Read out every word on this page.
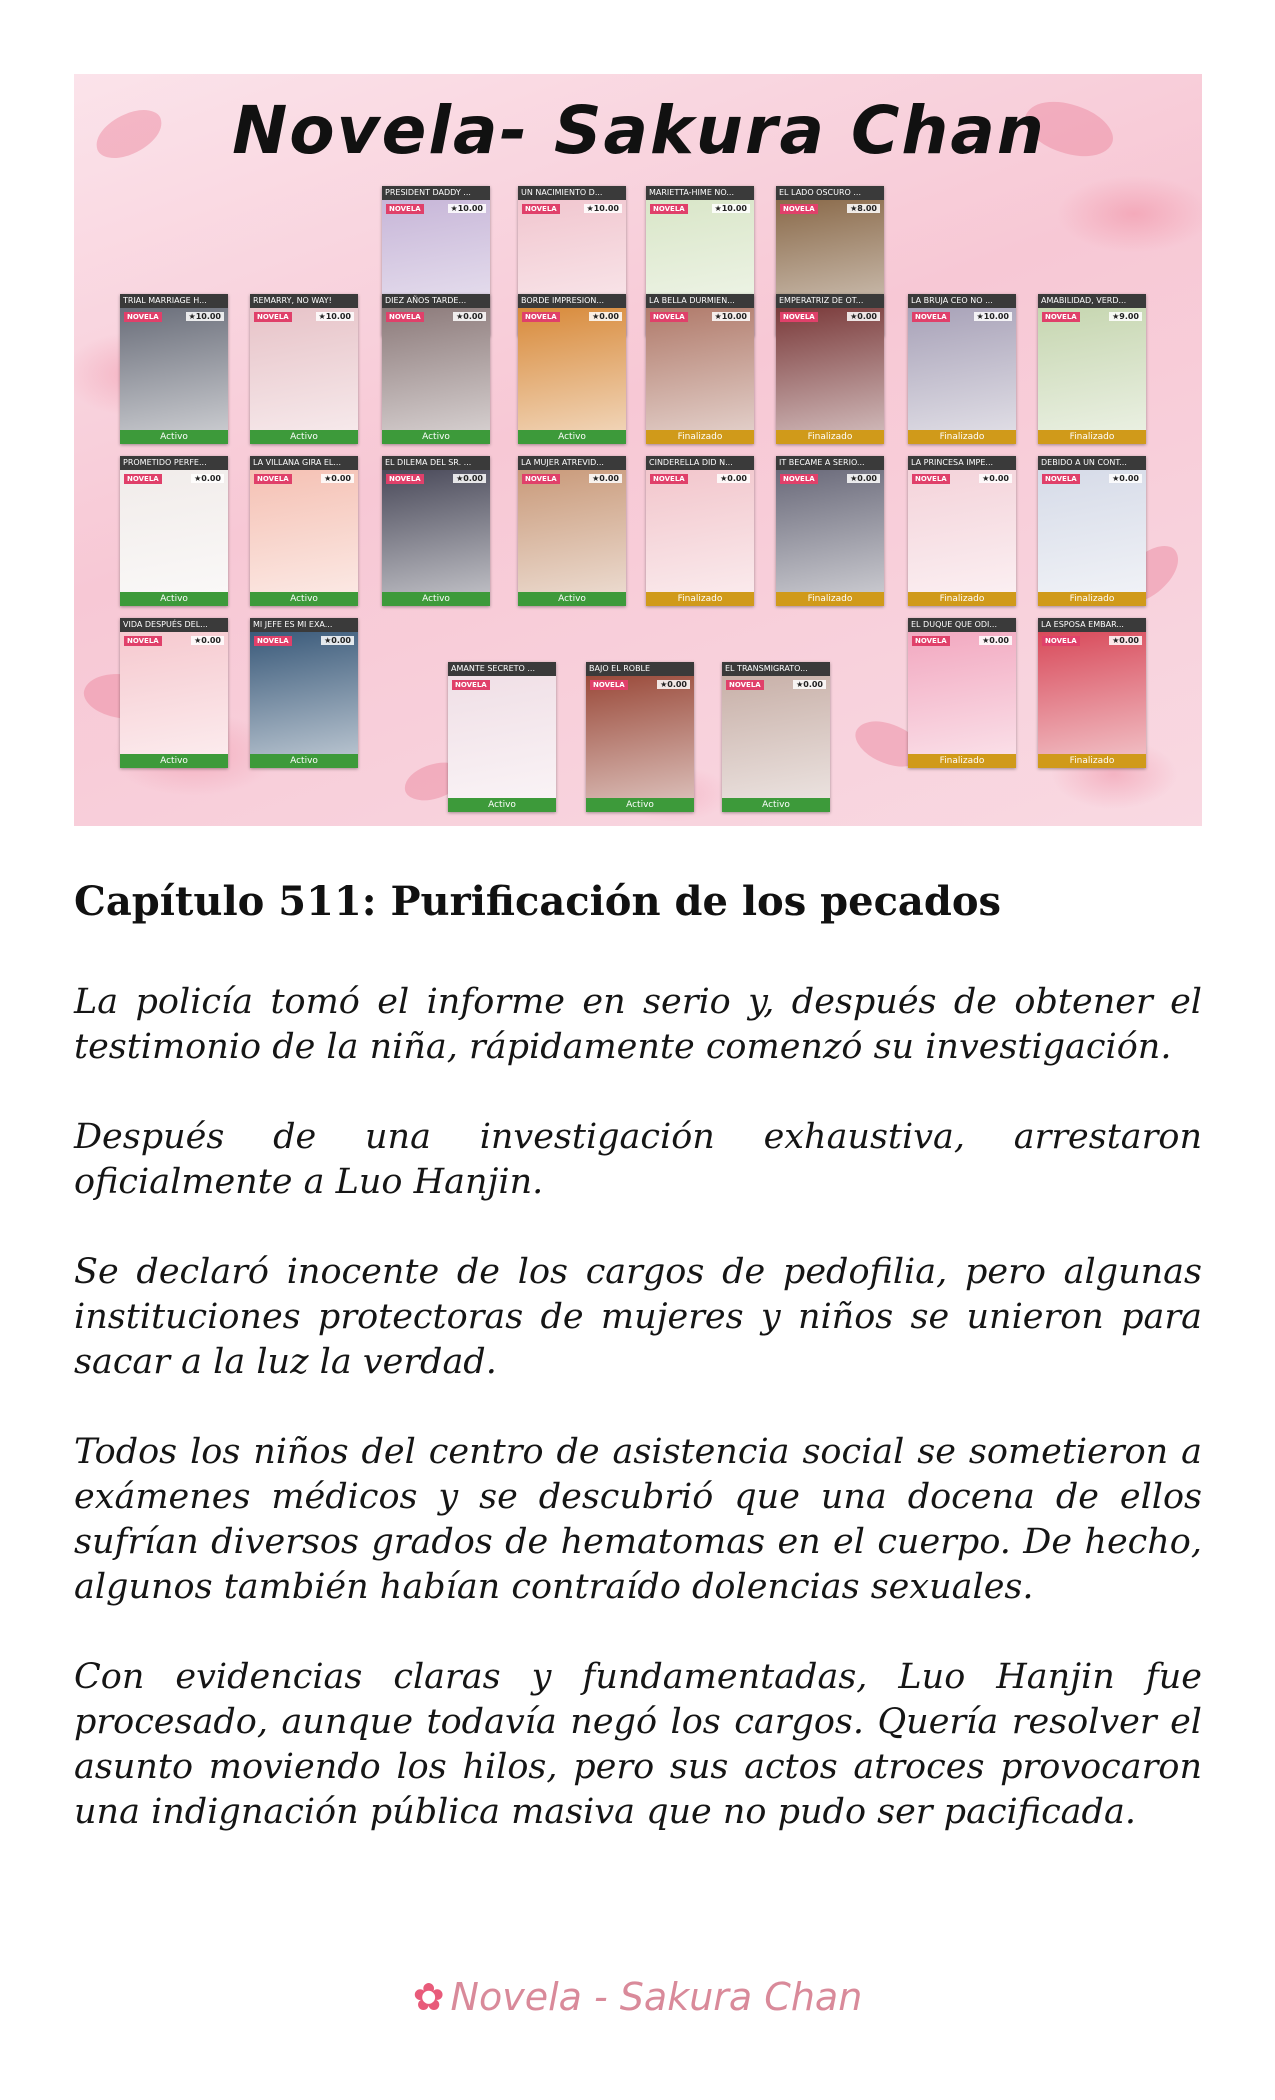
Novela- Sakura Chan
PRESIDENT DADDY ...
NOVELA	★10.00
UN NACIMIENTO D...
NOVELA	★10.00
MARIETTA-HIME NO...
NOVELA	★10.00
EL LADO OSCURO ...
NOVELA	★8.00
TRIAL MARRIAGE H...
NOVELA	★10.00
Activo
REMARRY, NO WAY!
NOVELA	★10.00
Activo
DIEZ AÑOS TARDE...
NOVELA	★0.00
Activo
BORDE IMPRESION...
NOVELA	★0.00
Activo
LA BELLA DURMIEN...
NOVELA	★10.00
Finalizado
EMPERATRIZ DE OT...
NOVELA	★0.00
Finalizado
LA BRUJA CEO NO ...
NOVELA	★10.00
Finalizado
AMABILIDAD, VERD...
NOVELA	★9.00
Finalizado
PROMETIDO PERFE...
NOVELA	★0.00
Activo
LA VILLANA GIRA EL...
NOVELA	★0.00
Activo
EL DILEMA DEL SR. ...
NOVELA	★0.00
Activo
LA MUJER ATREVID...
NOVELA	★0.00
Activo
CINDERELLA DID N...
NOVELA	★0.00
Finalizado
IT BECAME A SERIO...
NOVELA	★0.00
Finalizado
LA PRINCESA IMPE...
NOVELA	★0.00
Finalizado
DEBIDO A UN CONT...
NOVELA	★0.00
Finalizado
VIDA DESPUÉS DEL...
NOVELA	★0.00
Activo
MI JEFE ES MI EXA...
NOVELA	★0.00
Activo
AMANTE SECRETO ...
NOVELA
Activo
BAJO EL ROBLE
NOVELA	★0.00
Activo
EL TRANSMIGRATO...
NOVELA	★0.00
Activo
EL DUQUE QUE ODI...
NOVELA	★0.00
Finalizado
LA ESPOSA EMBAR...
NOVELA	★0.00
Finalizado
Capítulo 511: Purificación de los pecados

La policía tomó el informe en serio y, después de obtener el testimonio de la niña, rápidamente comenzó su investigación.

Después de una investigación exhaustiva, arrestaron oficialmente a Luo Hanjin.

Se declaró inocente de los cargos de pedofilia, pero algunas instituciones protectoras de mujeres y niños se unieron para sacar a la luz la verdad.

Todos los niños del centro de asistencia social se sometieron a exámenes médicos y se descubrió que una docena de ellos sufrían diversos grados de hematomas en el cuerpo. De hecho, algunos también habían contraído dolencias sexuales.

Con evidencias claras y fundamentadas, Luo Hanjin fue procesado, aunque todavía negó los cargos. Quería resolver el asunto moviendo los hilos, pero sus actos atroces provocaron una indignación pública masiva que no pudo ser pacificada.

✿ Novela - Sakura Chan
